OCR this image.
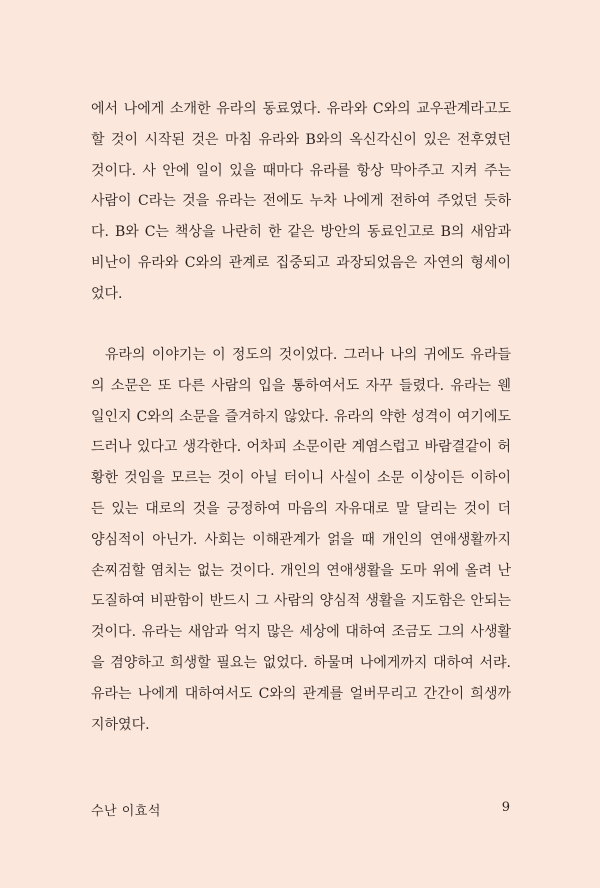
에서 나에게 소개한 유라의 동료였다. 유라와 C와의 교우관계라고도
할 것이 시작된 것은 마침 유라와 B와의 옥신각신이 있은 전후였던
것이다. 사 안에 일이 있을 때마다 유라를 항상 막아주고 지켜 주는
사람이 C라는 것을 유라는 전에도 누차 나에게 전하여 주었던 듯하
다. B와 C는 책상을 나란히 한 같은 방안의 동료인고로 B의 새암과
비난이 유라와 C와의 관계로 집중되고 과장되었음은 자연의 형세이
었다.
유라의 이야기는 이 정도의 것이었다. 그러나 나의 귀에도 유라들
의 소문은 또 다른 사람의 입을 통하여서도 자꾸 들렸다. 유라는 웬
일인지 C와의 소문을 즐겨하지 않았다. 유라의 약한 성격이 여기에도
드러나 있다고 생각한다. 어차피 소문이란 계염스럽고 바람결같이 허
황한 것임을 모르는 것이 아닐 터이니 사실이 소문 이상이든 이하이
든 있는 대로의 것을 긍정하여 마음의 자유대로 말 달리는 것이 더
양심적이 아닌가. 사회는 이해관계가 얽을 때 개인의 연애생활까지
손찌검할 염치는 없는 것이다. 개인의 연애생활을 도마 위에 올려 난
도질하여 비판함이 반드시 그 사람의 양심적 생활을 지도함은 안되는
것이다. 유라는 새암과 억지 많은 세상에 대하여 조금도 그의 사생활
을 겸양하고 희생할 필요는 없었다. 하물며 나에게까지 대하여 서랴.
유라는 나에게 대하여서도 C와의 관계를 얼버무리고 간간이 희생까
지하였다.
수난 이효석	9
